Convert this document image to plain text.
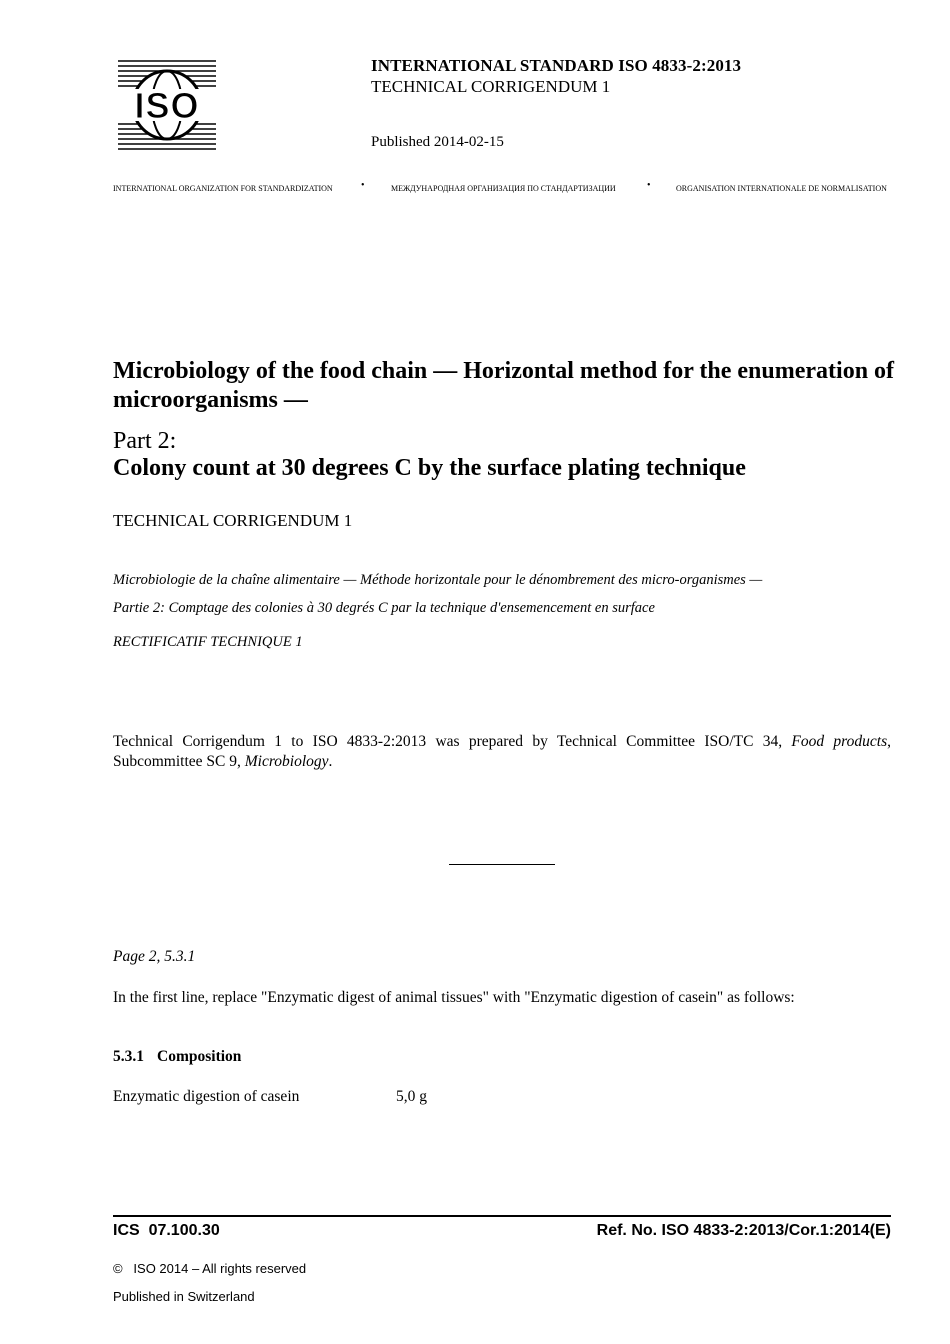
ISO
INTERNATIONAL STANDARD ISO 4833-2:2013
TECHNICAL CORRIGENDUM 1
Published 2014-02-15
INTERNATIONAL ORGANIZATION FOR STANDARDIZATION	•	МЕЖДУНАРОДНАЯ ОРГАНИЗАЦИЯ ПО СТАНДАРТИЗАЦИИ	•	ORGANISATION INTERNATIONALE DE NORMALISATION
Microbiology of the food chain — Horizontal method for the enumeration of microorganisms —
Part 2:
Colony count at 30 degrees C by the surface plating technique
TECHNICAL CORRIGENDUM 1
Microbiologie de la chaîne alimentaire — Méthode horizontale pour le dénombrement des micro-organismes —
Partie 2: Comptage des colonies à 30 degrés C par la technique d'ensemencement en surface
RECTIFICATIF TECHNIQUE 1
Technical Corrigendum 1 to ISO 4833-2:2013 was prepared by Technical Committee ISO/TC 34, Food products, Subcommittee SC 9, Microbiology.
Page 2, 5.3.1
In the first line, replace "Enzymatic digest of animal tissues" with "Enzymatic digestion of casein" as follows:
5.3.1 Composition
Enzymatic digestion of casein	5,0 g
ICS  07.100.30	Ref. No. ISO 4833-2:2013/Cor.1:2014(E)
©   ISO 2014 – All rights reserved
Published in Switzerland
